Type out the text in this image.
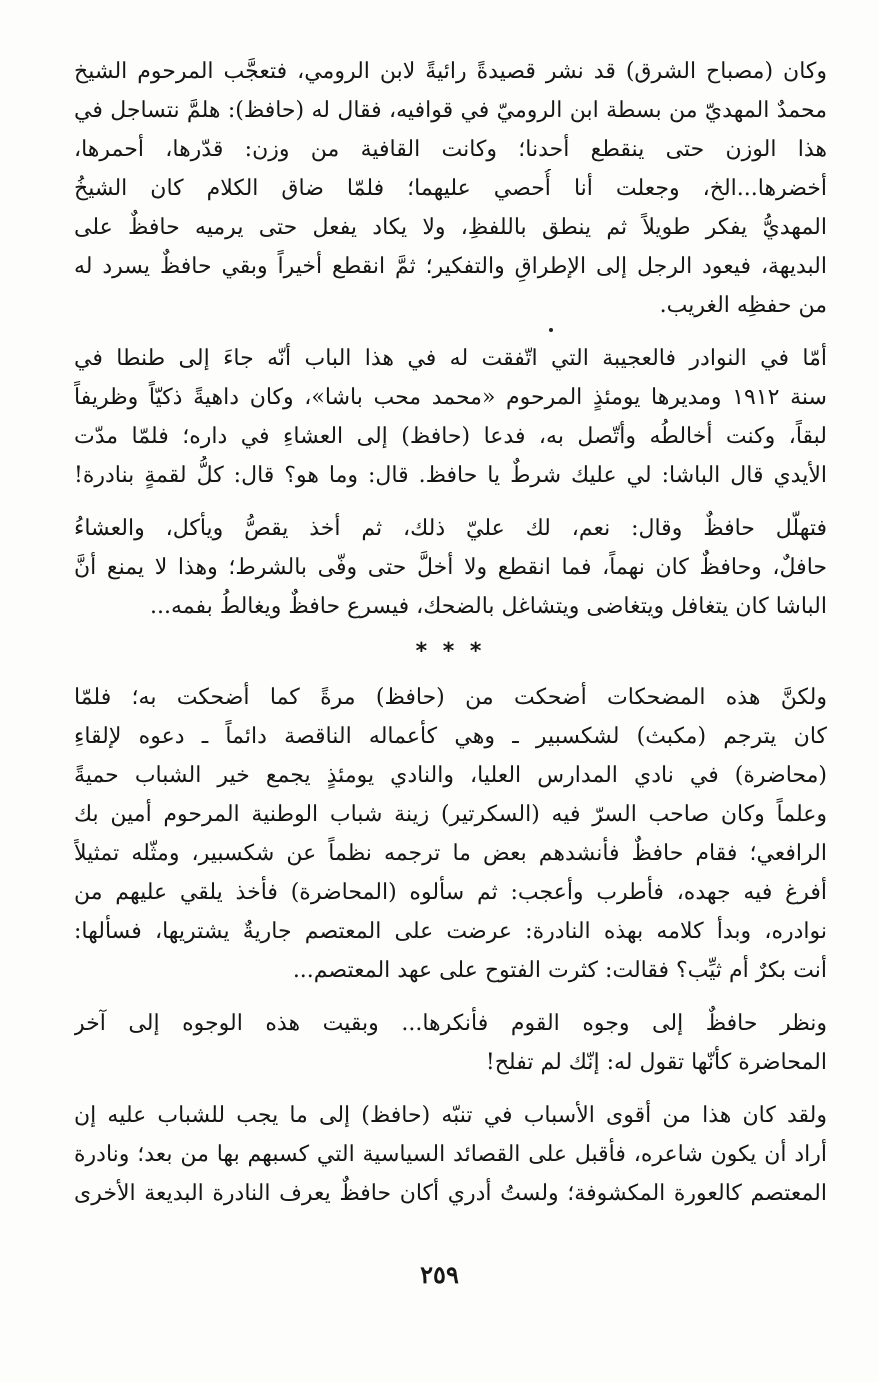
وكان (مصباح الشرق) قد نشر قصيدةً رائيةً لابن الرومي، فتعجَّب المرحوم الشيخ
محمدٌ المهديّ من بسطة ابن الروميّ في قوافيه، فقال له (حافظ): هلمَّ نتساجل في
هذا الوزن حتى ينقطع أحدنا؛ وكانت القافية من وزن: قدّرها، أحمرها،
أخضرها...الخ، وجعلت أنا أُحصي عليهما؛ فلمّا ضاق الكلام كان الشيخُ
المهديُّ يفكر طويلاً ثم ينطق باللفظِ، ولا يكاد يفعل حتى يرميه حافظٌ على
البديهة، فيعود الرجل إلى الإطراقِ والتفكير؛ ثمَّ انقطع أخيراً وبقي حافظٌ يسرد له
من حفظِه الغريب.
أمّا في النوادر فالعجيبة التي اتّفقت له في هذا الباب أنّه جاءَ إلى طنطا في
سنة ١٩١٢ ومديرها يومئذٍ المرحوم «محمد محب باشا»، وكان داهيةً ذكيّاً وظريفاً
لبقاً، وكنت أخالطُه وأتّصل به، فدعا (حافظ) إلى العشاءِ في داره؛ فلمّا مدّت
الأيدي قال الباشا: لي عليك شرطٌ يا حافظ. قال: وما هو؟ قال: كلُّ لقمةٍ بنادرة!
فتهلّل حافظٌ وقال: نعم، لك عليّ ذلك، ثم أخذ يقصُّ ويأكل، والعشاءُ
حافلٌ، وحافظٌ كان نهماً، فما انقطع ولا أخلَّ حتى وفّى بالشرط؛ وهذا لا يمنع أنَّ
الباشا كان يتغافل ويتغاضى ويتشاغل بالضحك، فيسرع حافظٌ ويغالطُ بفمه...
* * *
ولكنَّ هذه المضحكات أضحكت من (حافظ) مرةً كما أضحكت به؛ فلمّا
كان يترجم (مكبث) لشكسبير ـ وهي كأعماله الناقصة دائماً ـ دعوه لإلقاءِ
(محاضرة) في نادي المدارس العليا، والنادي يومئذٍ يجمع خير الشباب حميةً
وعلماً وكان صاحب السرّ فيه (السكرتير) زينة شباب الوطنية المرحوم أمين بك
الرافعي؛ فقام حافظٌ فأنشدهم بعض ما ترجمه نظماً عن شكسبير، ومثّله تمثيلاً
أفرغ فيه جهده، فأطرب وأعجب: ثم سألوه (المحاضرة) فأخذ يلقي عليهم من
نوادره، وبدأ كلامه بهذه النادرة: عرضت على المعتصم جاريةٌ يشتريها، فسألها:
أنت بكرٌ أم ثيِّب؟ فقالت: كثرت الفتوح على عهد المعتصم...
ونظر حافظٌ إلى وجوه القوم فأنكرها... وبقيت هذه الوجوه إلى آخر
المحاضرة كأنّها تقول له: إنّك لم تفلح!
ولقد كان هذا من أقوى الأسباب في تنبّه (حافظ) إلى ما يجب للشباب عليه إن
أراد أن يكون شاعره، فأقبل على القصائد السياسية التي كسبهم بها من بعد؛ ونادرة
المعتصم كالعورة المكشوفة؛ ولستُ أدري أكان حافظٌ يعرف النادرة البديعة الأخرى
٢٥٩
